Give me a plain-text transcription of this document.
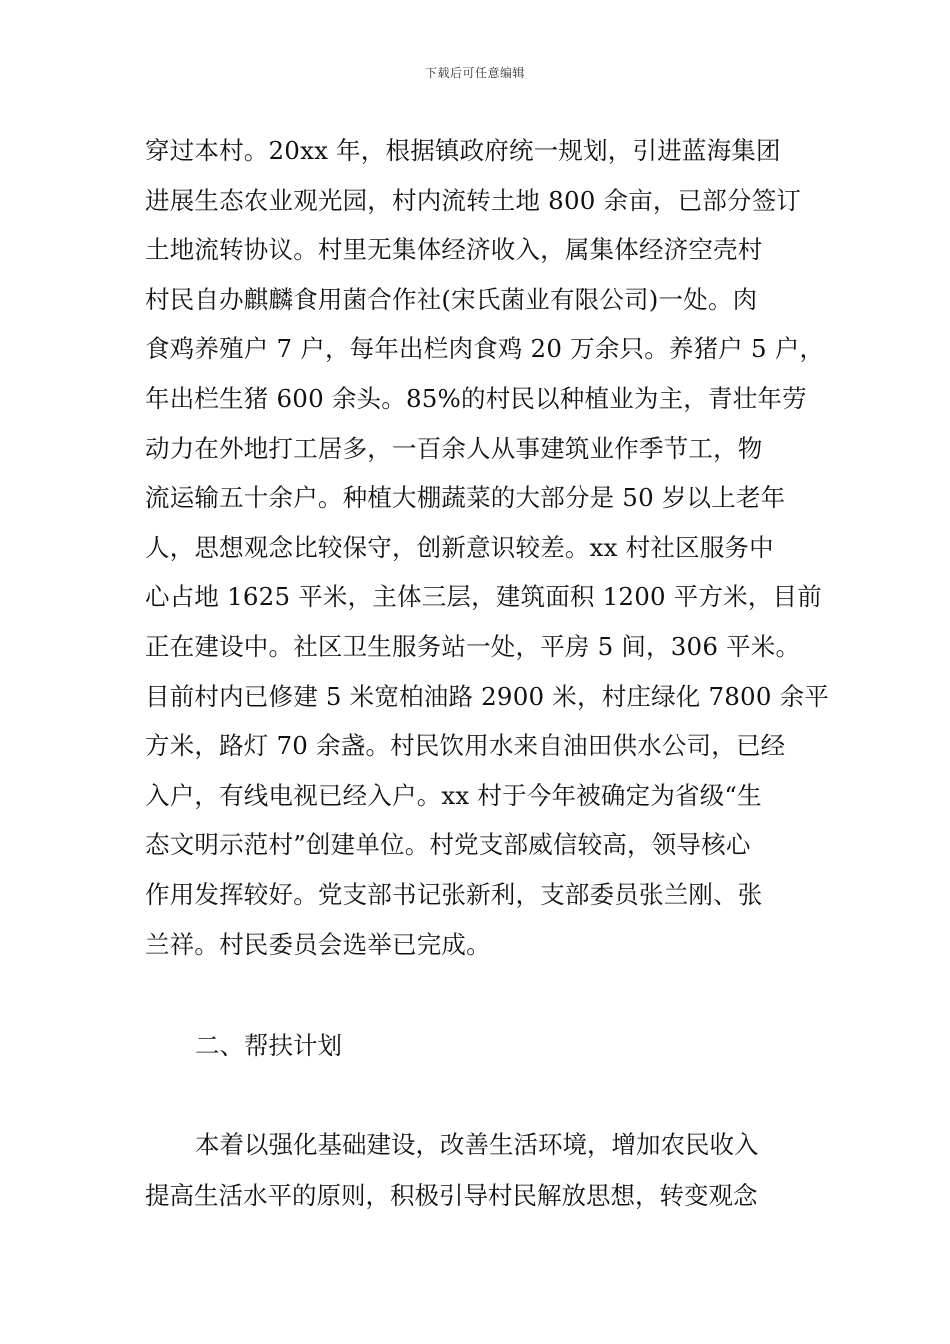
下载后可任意编辑
穿过本村。20xx 年，根据镇政府统一规划，引进蓝海集团
进展生态农业观光园，村内流转土地 800 余亩，已部分签订
土地流转协议。村里无集体经济收入，属集体经济空壳村
村民自办麒麟食用菌合作社(宋氏菌业有限公司)一处。肉
食鸡养殖户 7 户，每年出栏肉食鸡 20 万余只。养猪户 5 户，
年出栏生猪 600 余头。85%的村民以种植业为主，青壮年劳
动力在外地打工居多，一百余人从事建筑业作季节工，物
流运输五十余户。种植大棚蔬菜的大部分是 50 岁以上老年
人，思想观念比较保守，创新意识较差。xx 村社区服务中
心占地 1625 平米，主体三层，建筑面积 1200 平方米，目前
正在建设中。社区卫生服务站一处，平房 5 间，306 平米。
目前村内已修建 5 米宽柏油路 2900 米，村庄绿化 7800 余平
方米，路灯 70 余盏。村民饮用水来自油田供水公司，已经
入户，有线电视已经入户。xx 村于今年被确定为省级“生
态文明示范村”创建单位。村党支部威信较高，领导核心
作用发挥较好。党支部书记张新利，支部委员张兰刚、张
兰祥。村民委员会选举已完成。
二、帮扶计划
本着以强化基础建设，改善生活环境，增加农民收入
提高生活水平的原则，积极引导村民解放思想，转变观念
